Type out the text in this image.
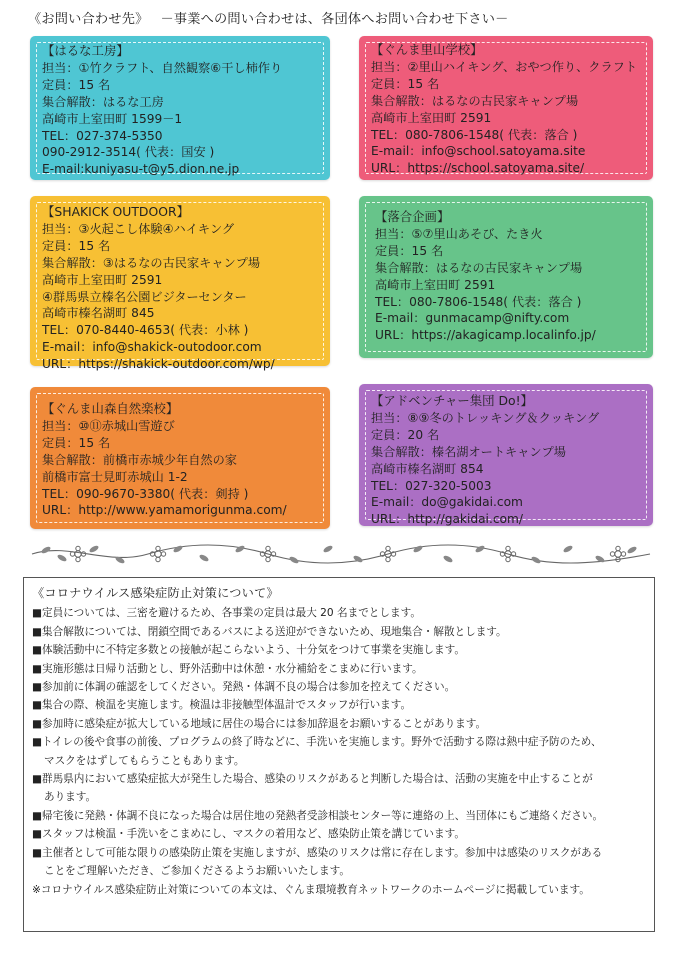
《お問い合わせ先》 －事業への問い合わせは、各団体へお問い合わせ下さい－
【はるな工房】
担当：①竹クラフト、自然観察⑥干し柿作り
定員：15 名
集合解散：はるな工房
高崎市上室田町 1599－1
TEL：027-374-5350
090-2912-3514( 代表：国安 )
E-mail:kuniyasu-t@y5.dion.ne.jp
【ぐんま里山学校】
担当：②里山ハイキング、おやつ作り、クラフト
定員：15 名
集合解散：はるなの古民家キャンプ場
高崎市上室田町 2591
TEL：080-7806-1548( 代表：落合 )
E-mail：info@school.satoyama.site
URL：https://school.satoyama.site/
【SHAKICK OUTDOOR】
担当：③火起こし体験④ハイキング
定員：15 名
集合解散：③はるなの古民家キャンプ場
高崎市上室田町 2591
④群馬県立榛名公園ビジターセンター
高崎市榛名湖町 845
TEL：070-8440-4653( 代表：小林 )
E-mail：info@shakick-outodoor.com
URL：https://shakick-outdoor.com/wp/
【落合企画】
担当：⑤⑦里山あそび、たき火
定員：15 名
集合解散：はるなの古民家キャンプ場
高崎市上室田町 2591
TEL：080-7806-1548( 代表：落合 )
E-mail：gunmacamp@nifty.com
URL：https://akagicamp.localinfo.jp/
【ぐんま山森自然楽校】
担当：⑩⑪赤城山雪遊び
定員：15 名
集合解散：前橋市赤城少年自然の家
前橋市富士見町赤城山 1-2
TEL：090-9670-3380( 代表：剣持 )
URL：http://www.yamamorigunma.com/
【アドベンチャー集団 Do!】
担当：⑧⑨冬のトレッキング＆クッキング
定員：20 名
集合解散：榛名湖オートキャンプ場
高崎市榛名湖町 854
TEL：027-320-5003
E-mail：do@gakidai.com
URL：http://gakidai.com/
《コロナウイルス感染症防止対策について》
■定員については、三密を避けるため、各事業の定員は最大 20 名までとします。
■集合解散については、閉鎖空間であるバスによる送迎ができないため、現地集合・解散とします。
■体験活動中に不特定多数との接触が起こらないよう、十分気をつけて事業を実施します。
■実施形態は日帰り活動とし、野外活動中は休憩・水分補給をこまめに行います。
■参加前に体調の確認をしてください。発熱・体調不良の場合は参加を控えてください。
■集合の際、検温を実施します。検温は非接触型体温計でスタッフが行います。
■参加時に感染症が拡大している地域に居住の場合には参加辞退をお願いすることがあります。
■トイレの後や食事の前後、プログラムの終了時などに、手洗いを実施します。野外で活動する際は熱中症予防のため、
マスクをはずしてもらうこともあります。
■群馬県内において感染症拡大が発生した場合、感染のリスクがあると判断した場合は、活動の実施を中止することが
あります。
■帰宅後に発熱・体調不良になった場合は居住地の発熱者受診相談センター等に連絡の上、当団体にもご連絡ください。
■スタッフは検温・手洗いをこまめにし、マスクの着用など、感染防止策を講じています。
■主催者として可能な限りの感染防止策を実施しますが、感染のリスクは常に存在します。参加中は感染のリスクがある
ことをご理解いただき、ご参加くださるようお願いいたします。
※コロナウイルス感染症防止対策についての本文は、ぐんま環境教育ネットワークのホームページに掲載しています。
